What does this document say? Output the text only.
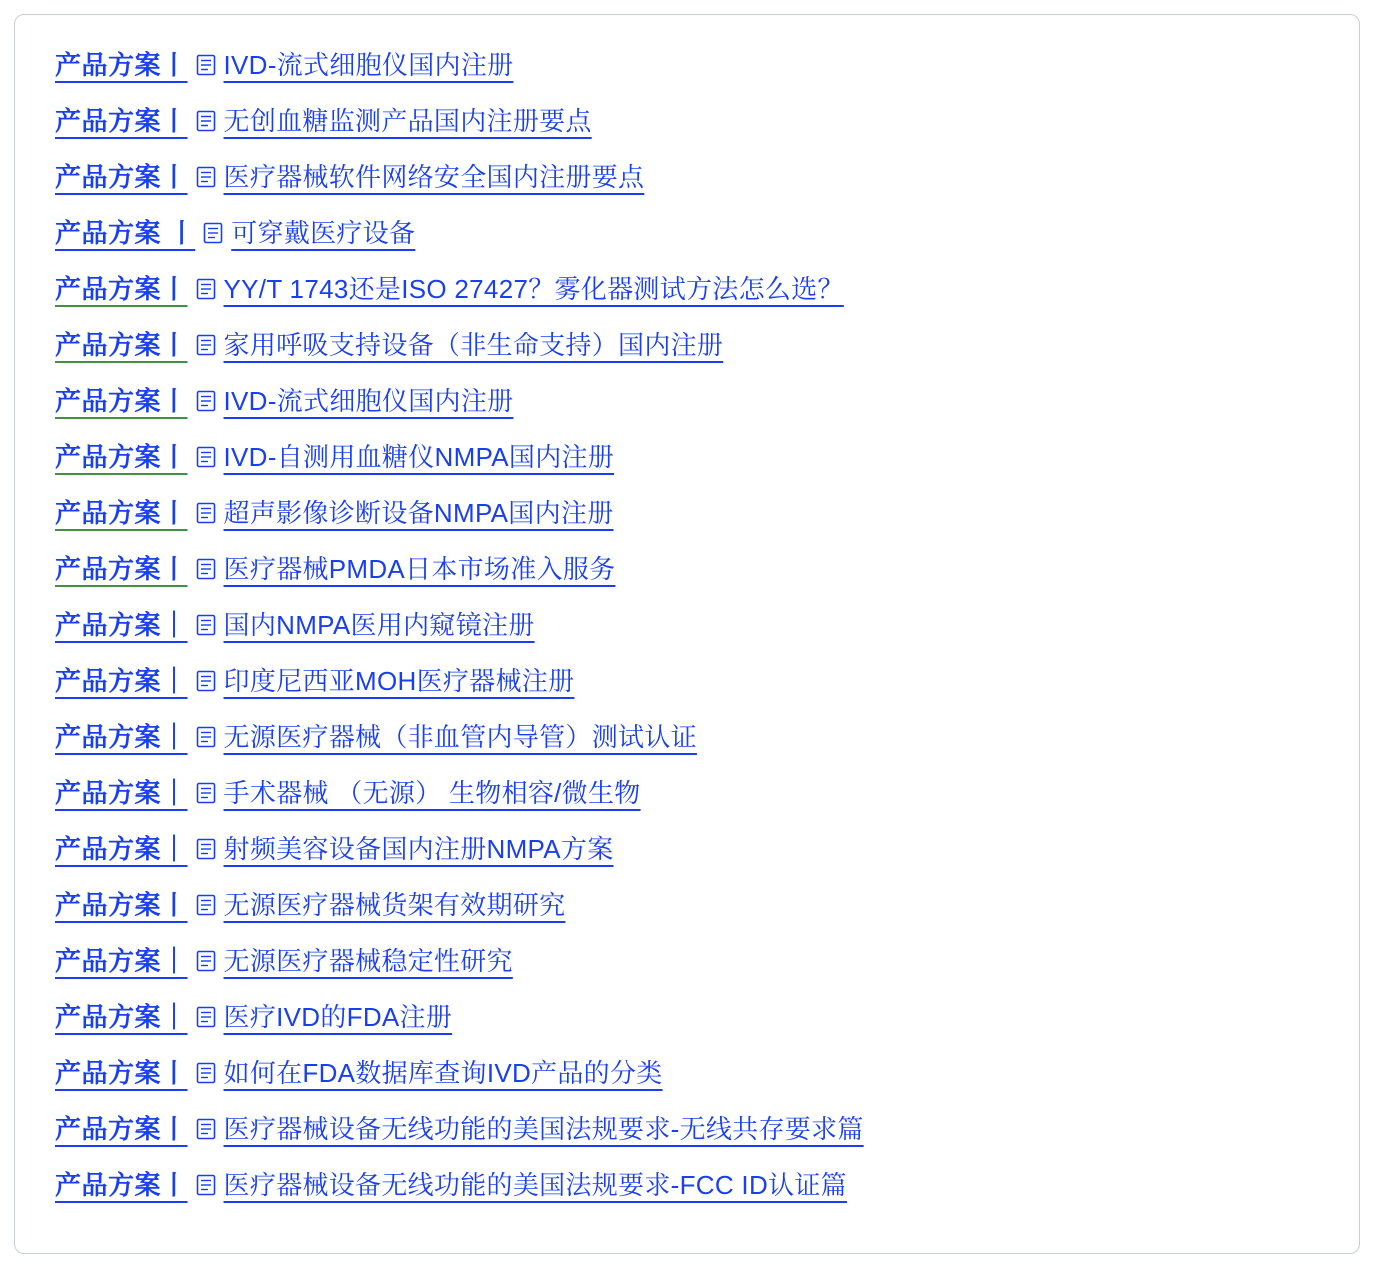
产品方案丨 IVD-流式细胞仪国内注册
产品方案丨 无创血糖监测产品国内注册要点
产品方案丨 医疗器械软件网络安全国内注册要点
产品方案 丨 可穿戴医疗设备
产品方案丨 YY/T 1743还是ISO 27427？雾化器测试方法怎么选？
产品方案丨 家用呼吸支持设备（非生命支持）国内注册
产品方案丨 IVD-流式细胞仪国内注册
产品方案丨 IVD-自测用血糖仪NMPA国内注册
产品方案丨 超声影像诊断设备NMPA国内注册
产品方案丨 医疗器械PMDA日本市场准入服务
产品方案｜ 国内NMPA医用内窥镜注册
产品方案｜ 印度尼西亚MOH医疗器械注册
产品方案｜ 无源医疗器械（非血管内导管）测试认证
产品方案｜ 手术器械 （无源） 生物相容/微生物
产品方案｜ 射频美容设备国内注册NMPA方案
产品方案丨 无源医疗器械货架有效期研究
产品方案｜ 无源医疗器械稳定性研究
产品方案｜ 医疗IVD的FDA注册
产品方案丨 如何在FDA数据库查询IVD产品的分类
产品方案丨 医疗器械设备无线功能的美国法规要求-无线共存要求篇
产品方案丨 医疗器械设备无线功能的美国法规要求-FCC ID认证篇
